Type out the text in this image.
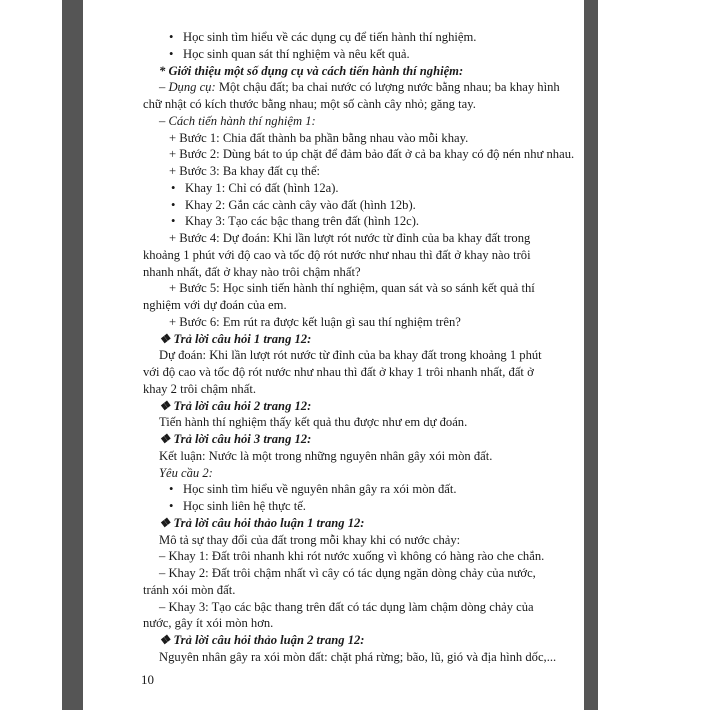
• Học sinh tìm hiểu về các dụng cụ để tiến hành thí nghiệm.
• Học sinh quan sát thí nghiệm và nêu kết quả.
* Giới thiệu một số dụng cụ và cách tiến hành thí nghiệm:
– Dụng cụ: Một chậu đất; ba chai nước có lượng nước bằng nhau; ba khay hình
chữ nhật có kích thước bằng nhau; một số cành cây nhỏ; găng tay.
– Cách tiến hành thí nghiệm 1:
+ Bước 1: Chia đất thành ba phần bằng nhau vào mỗi khay.
+ Bước 2: Dùng bát to úp chặt để đảm bảo đất ở cả ba khay có độ nén như nhau.
+ Bước 3: Ba khay đất cụ thể:
• Khay 1: Chỉ có đất (hình 12a).
• Khay 2: Gắn các cành cây vào đất (hình 12b).
• Khay 3: Tạo các bậc thang trên đất (hình 12c).
+ Bước 4: Dự đoán: Khi lần lượt rót nước từ đỉnh của ba khay đất trong
khoảng 1 phút với độ cao và tốc độ rót nước như nhau thì đất ở khay nào trôi
nhanh nhất, đất ở khay nào trôi chậm nhất?
+ Bước 5: Học sinh tiến hành thí nghiệm, quan sát và so sánh kết quả thí
nghiệm với dự đoán của em.
+ Bước 6: Em rút ra được kết luận gì sau thí nghiệm trên?
❖ Trả lời câu hỏi 1 trang 12:
Dự đoán: Khi lần lượt rót nước từ đỉnh của ba khay đất trong khoảng 1 phút
với độ cao và tốc độ rót nước như nhau thì đất ở khay 1 trôi nhanh nhất, đất ở
khay 2 trôi chậm nhất.
❖ Trả lời câu hỏi 2 trang 12:
Tiến hành thí nghiệm thấy kết quả thu được như em dự đoán.
❖ Trả lời câu hỏi 3 trang 12:
Kết luận: Nước là một trong những nguyên nhân gây xói mòn đất.
Yêu cầu 2:
• Học sinh tìm hiểu về nguyên nhân gây ra xói mòn đất.
• Học sinh liên hệ thực tế.
❖ Trả lời câu hỏi thảo luận 1 trang 12:
Mô tả sự thay đổi của đất trong mỗi khay khi có nước chảy:
– Khay 1: Đất trôi nhanh khi rót nước xuống vì không có hàng rào che chắn.
– Khay 2: Đất trôi chậm nhất vì cây có tác dụng ngăn dòng chảy của nước,
tránh xói mòn đất.
– Khay 3: Tạo các bậc thang trên đất có tác dụng làm chậm dòng chảy của
nước, gây ít xói mòn hơn.
❖ Trả lời câu hỏi thảo luận 2 trang 12:
Nguyên nhân gây ra xói mòn đất: chặt phá rừng; bão, lũ, gió và địa hình dốc,...
10
